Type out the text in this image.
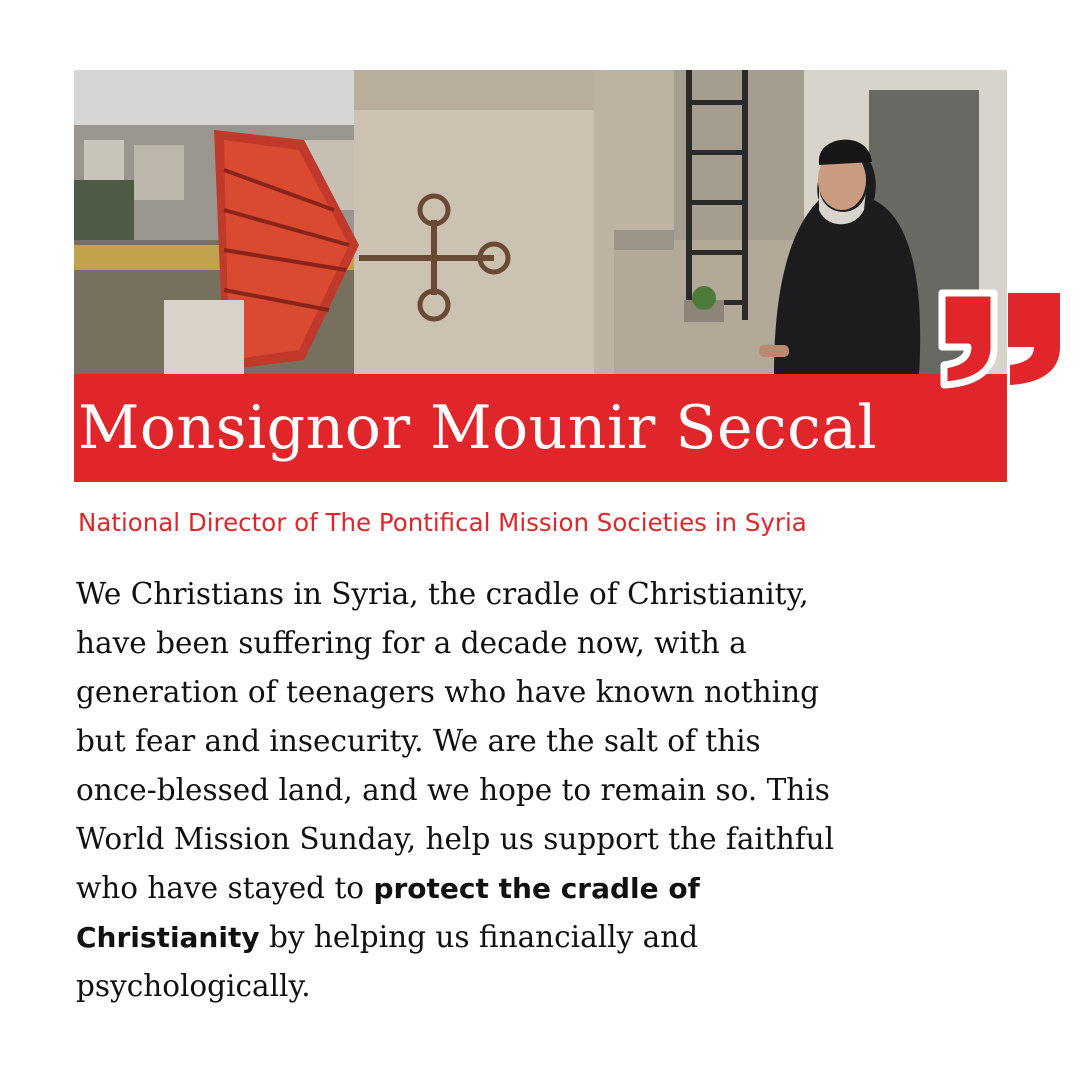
Monsignor Mounir Seccal
National Director of The Pontifical Mission Societies in Syria
We Christians in Syria, the cradle of Christianity,
have been suffering for a decade now, with a
generation of teenagers who have known nothing
but fear and insecurity. We are the salt of this
once-blessed land, and we hope to remain so. This
World Mission Sunday, help us support the faithful
who have stayed to protect the cradle of
Christianity by helping us financially and
psychologically.
